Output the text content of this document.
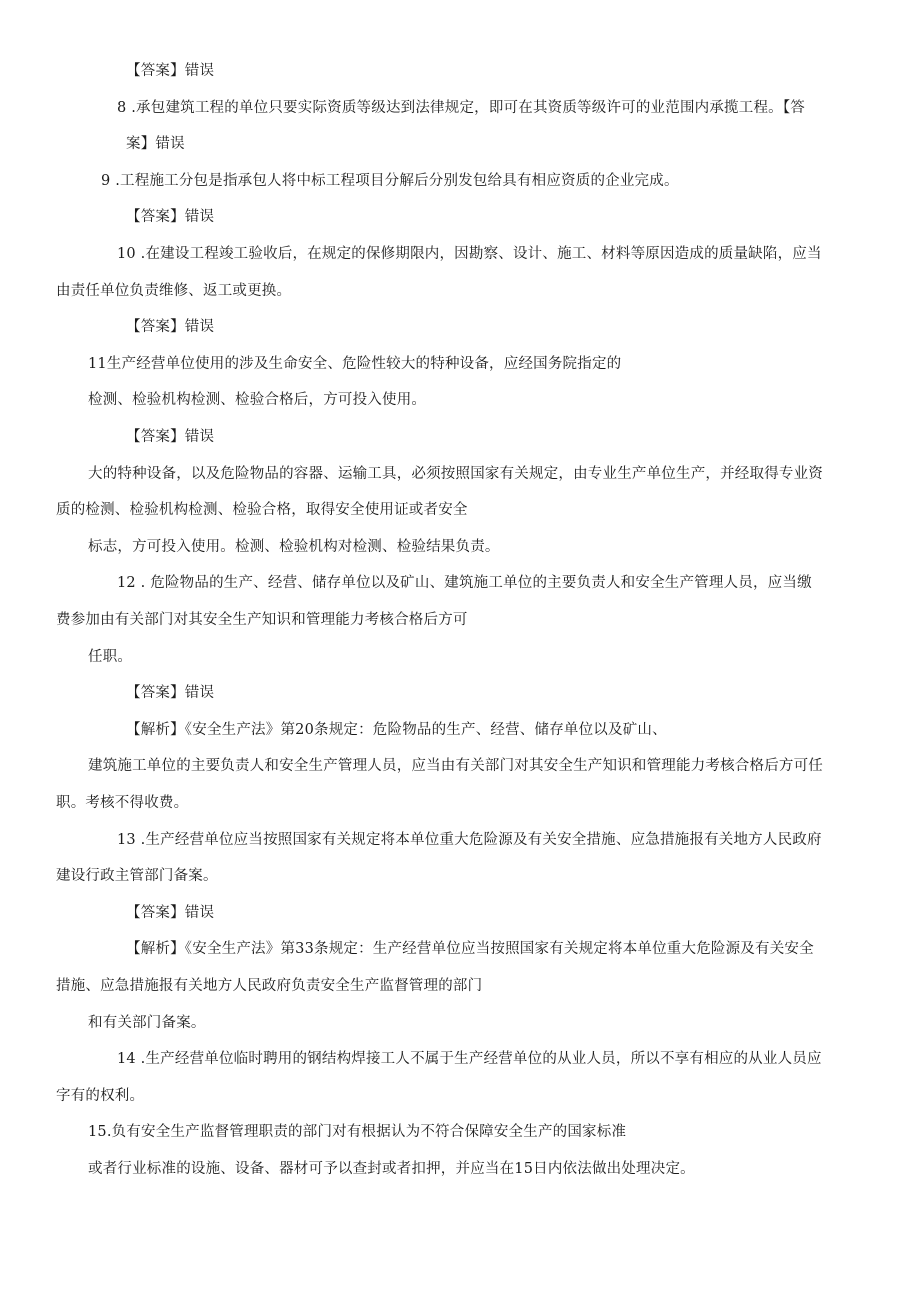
【答案】错误
8 .承包建筑工程的单位只要实际资质等级达到法律规定，即可在其资质等级许可的业范围内承揽工程。【答
案】错误
9 .工程施工分包是指承包人将中标工程项目分解后分别发包给具有相应资质的企业完成。
【答案】错误
10 .在建设工程竣工验收后，在规定的保修期限内，因勘察、设计、施工、材料等原因造成的质量缺陷，应当
由责任单位负责维修、返工或更换。
【答案】错误
11生产经营单位使用的涉及生命安全、危险性较大的特种设备，应经国务院指定的
检测、检验机构检测、检验合格后，方可投入使用。
【答案】错误
大的特种设备，以及危险物品的容器、运输工具，必须按照国家有关规定，由专业生产单位生产，并经取得专业资
质的检测、检验机构检测、检验合格，取得安全使用证或者安全
标志，方可投入使用。检测、检验机构对检测、检验结果负责。
12 . 危险物品的生产、经营、储存单位以及矿山、建筑施工单位的主要负责人和安全生产管理人员，应当缴
费参加由有关部门对其安全生产知识和管理能力考核合格后方可
任职。
【答案】错误
【解析】《安全生产法》第20条规定：危险物品的生产、经营、储存单位以及矿山、
建筑施工单位的主要负责人和安全生产管理人员，应当由有关部门对其安全生产知识和管理能力考核合格后方可任
职。考核不得收费。
13 .生产经营单位应当按照国家有关规定将本单位重大危险源及有关安全措施、应急措施报有关地方人民政府
建设行政主管部门备案。
【答案】错误
【解析】《安全生产法》第33条规定：生产经营单位应当按照国家有关规定将本单位重大危险源及有关安全
措施、应急措施报有关地方人民政府负责安全生产监督管理的部门
和有关部门备案。
14 .生产经营单位临时聘用的钢结构焊接工人不属于生产经营单位的从业人员，所以不享有相应的从业人员应
字有的权利。
15.负有安全生产监督管理职责的部门对有根据认为不符合保障安全生产的国家标准
或者行业标准的设施、设备、器材可予以查封或者扣押，并应当在15日内依法做出处理决定。
